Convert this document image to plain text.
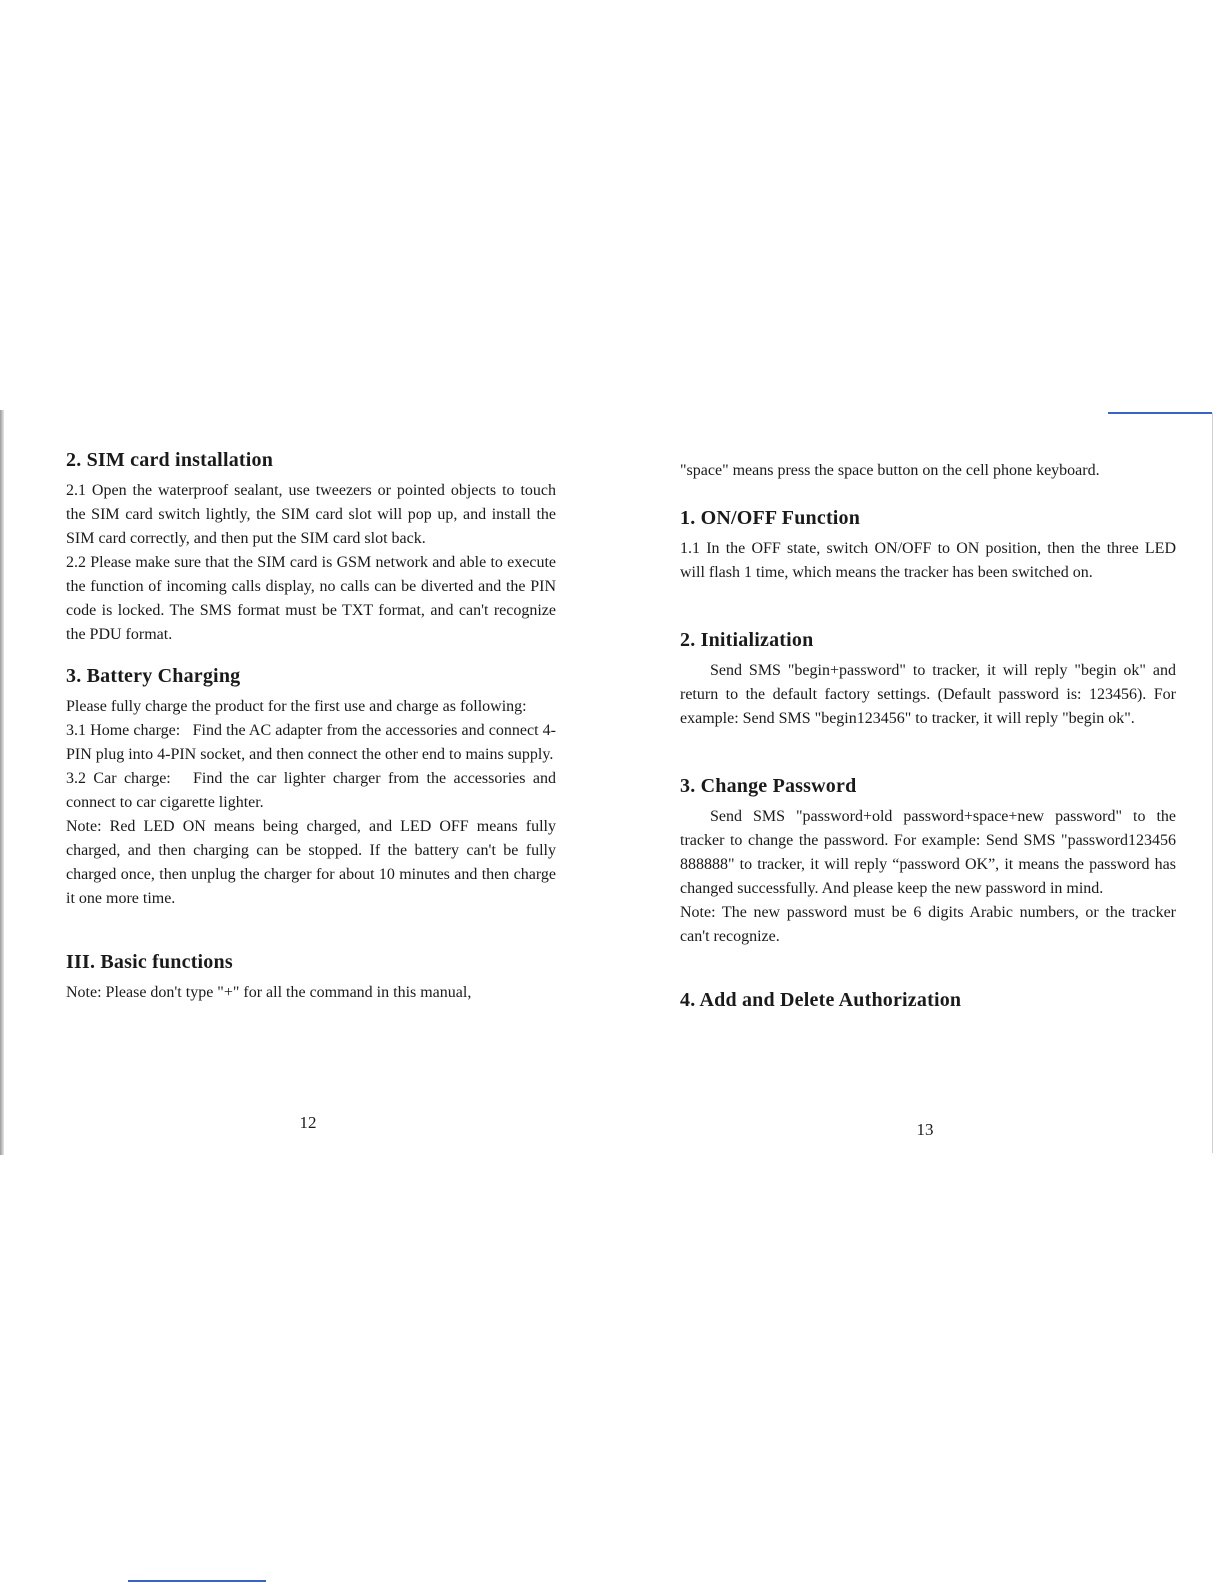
2. SIM card installation

2.1 Open the waterproof sealant, use tweezers or pointed objects to touch the SIM card switch lightly, the SIM card slot will pop up, and install the SIM card correctly, and then put the SIM card slot back.

2.2 Please make sure that the SIM card is GSM network and able to execute the function of incoming calls display, no calls can be diverted and the PIN code is locked. The SMS format must be TXT format, and can't recognize the PDU format.

3. Battery Charging

Please fully charge the product for the first use and charge as following:

3.1 Home charge:   Find the AC adapter from the accessories and connect 4-PIN plug into 4-PIN socket, and then connect the other end to mains supply.

3.2 Car charge:   Find the car lighter charger from the accessories and connect to car cigarette lighter.

Note: Red LED ON means being charged, and LED OFF means fully charged, and then charging can be stopped. If the battery can't be fully charged once, then unplug the charger for about 10 minutes and then charge it one more time.

III. Basic functions

Note: Please don't type "+" for all the command in this manual,

12

"space" means press the space button on the cell phone keyboard.

1. ON/OFF Function

1.1 In the OFF state, switch ON/OFF to ON position, then the three LED will flash 1 time, which means the tracker has been switched on.

2. Initialization

Send SMS "begin+password" to tracker, it will reply "begin ok" and return to the default factory settings. (Default password is: 123456). For example: Send SMS "begin123456" to tracker, it will reply "begin ok".

3. Change Password

Send SMS "password+old password+space+new password" to the tracker to change the password. For example: Send SMS "password123456 888888" to tracker, it will reply “password OK”, it means the password has changed successfully. And please keep the new password in mind.

Note: The new password must be 6 digits Arabic numbers, or the tracker can't recognize.

4. Add and Delete Authorization
13
